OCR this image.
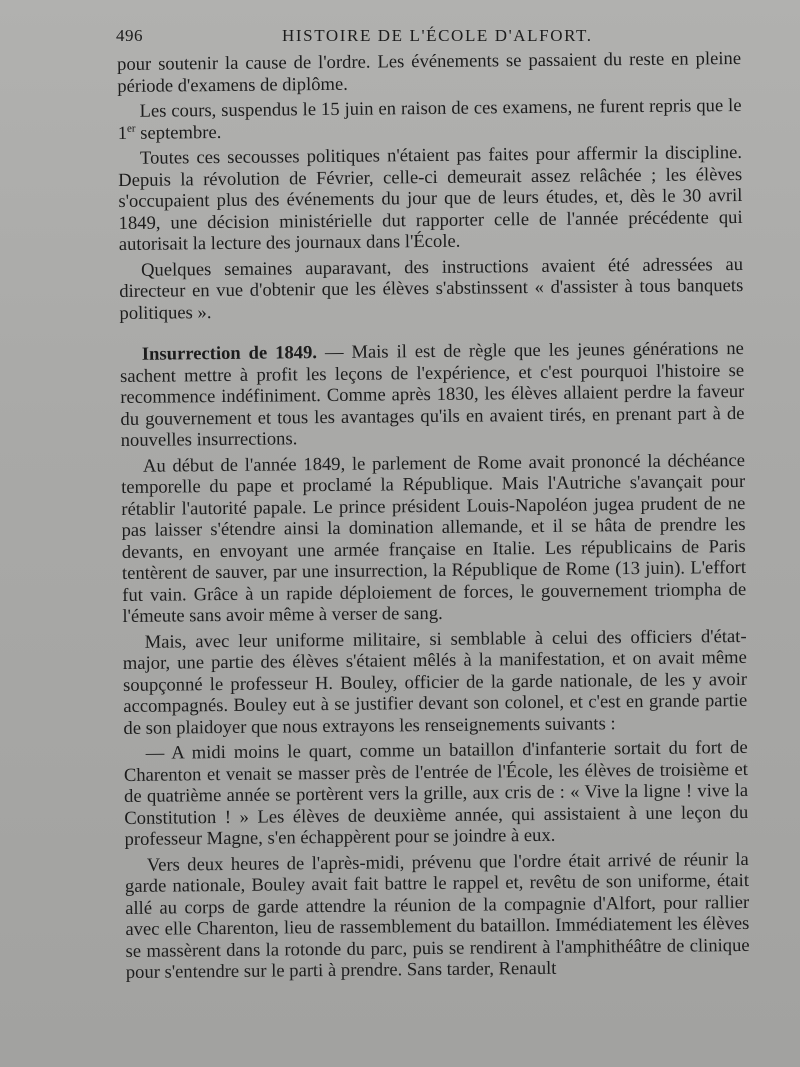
496	HISTOIRE DE L'ÉCOLE D'ALFORT.

pour soutenir la cause de l'ordre. Les événements se passaient du reste en pleine période d'examens de diplôme.

Les cours, suspendus le 15 juin en raison de ces examens, ne furent repris que le 1er septembre.

Toutes ces secousses politiques n'étaient pas faites pour affermir la discipline. Depuis la révolution de Février, celle-ci demeurait assez relâchée ; les élèves s'occupaient plus des événements du jour que de leurs études, et, dès le 30 avril 1849, une décision ministérielle dut rapporter celle de l'année précédente qui autorisait la lecture des journaux dans l'École.

Quelques semaines auparavant, des instructions avaient été adressées au directeur en vue d'obtenir que les élèves s'abstinssent « d'assister à tous banquets politiques ».

Insurrection de 1849. — Mais il est de règle que les jeunes générations ne sachent mettre à profit les leçons de l'expérience, et c'est pourquoi l'histoire se recommence indéfiniment. Comme après 1830, les élèves allaient perdre la faveur du gouvernement et tous les avantages qu'ils en avaient tirés, en prenant part à de nouvelles insurrections.

Au début de l'année 1849, le parlement de Rome avait prononcé la déchéance temporelle du pape et proclamé la République. Mais l'Autriche s'avançait pour rétablir l'autorité papale. Le prince président Louis-Napoléon jugea prudent de ne pas laisser s'étendre ainsi la domination allemande, et il se hâta de prendre les devants, en envoyant une armée française en Italie. Les républicains de Paris tentèrent de sauver, par une insurrection, la République de Rome (13 juin). L'effort fut vain. Grâce à un rapide déploiement de forces, le gouvernement triompha de l'émeute sans avoir même à verser de sang.

Mais, avec leur uniforme militaire, si semblable à celui des officiers d'état-major, une partie des élèves s'étaient mêlés à la manifestation, et on avait même soupçonné le professeur H. Bouley, officier de la garde nationale, de les y avoir accompagnés. Bouley eut à se justifier devant son colonel, et c'est en grande partie de son plaidoyer que nous extrayons les renseignements suivants :

— A midi moins le quart, comme un bataillon d'infanterie sortait du fort de Charenton et venait se masser près de l'entrée de l'École, les élèves de troisième et de quatrième année se portèrent vers la grille, aux cris de : « Vive la ligne ! vive la Constitution ! » Les élèves de deuxième année, qui assistaient à une leçon du professeur Magne, s'en échappèrent pour se joindre à eux.

Vers deux heures de l'après-midi, prévenu que l'ordre était arrivé de réunir la garde nationale, Bouley avait fait battre le rappel et, revêtu de son uniforme, était allé au corps de garde attendre la réunion de la compagnie d'Alfort, pour rallier avec elle Charenton, lieu de rassemblement du bataillon. Immédiatement les élèves se massèrent dans la rotonde du parc, puis se rendirent à l'amphithéâtre de clinique pour s'entendre sur le parti à prendre. Sans tarder, Renault
